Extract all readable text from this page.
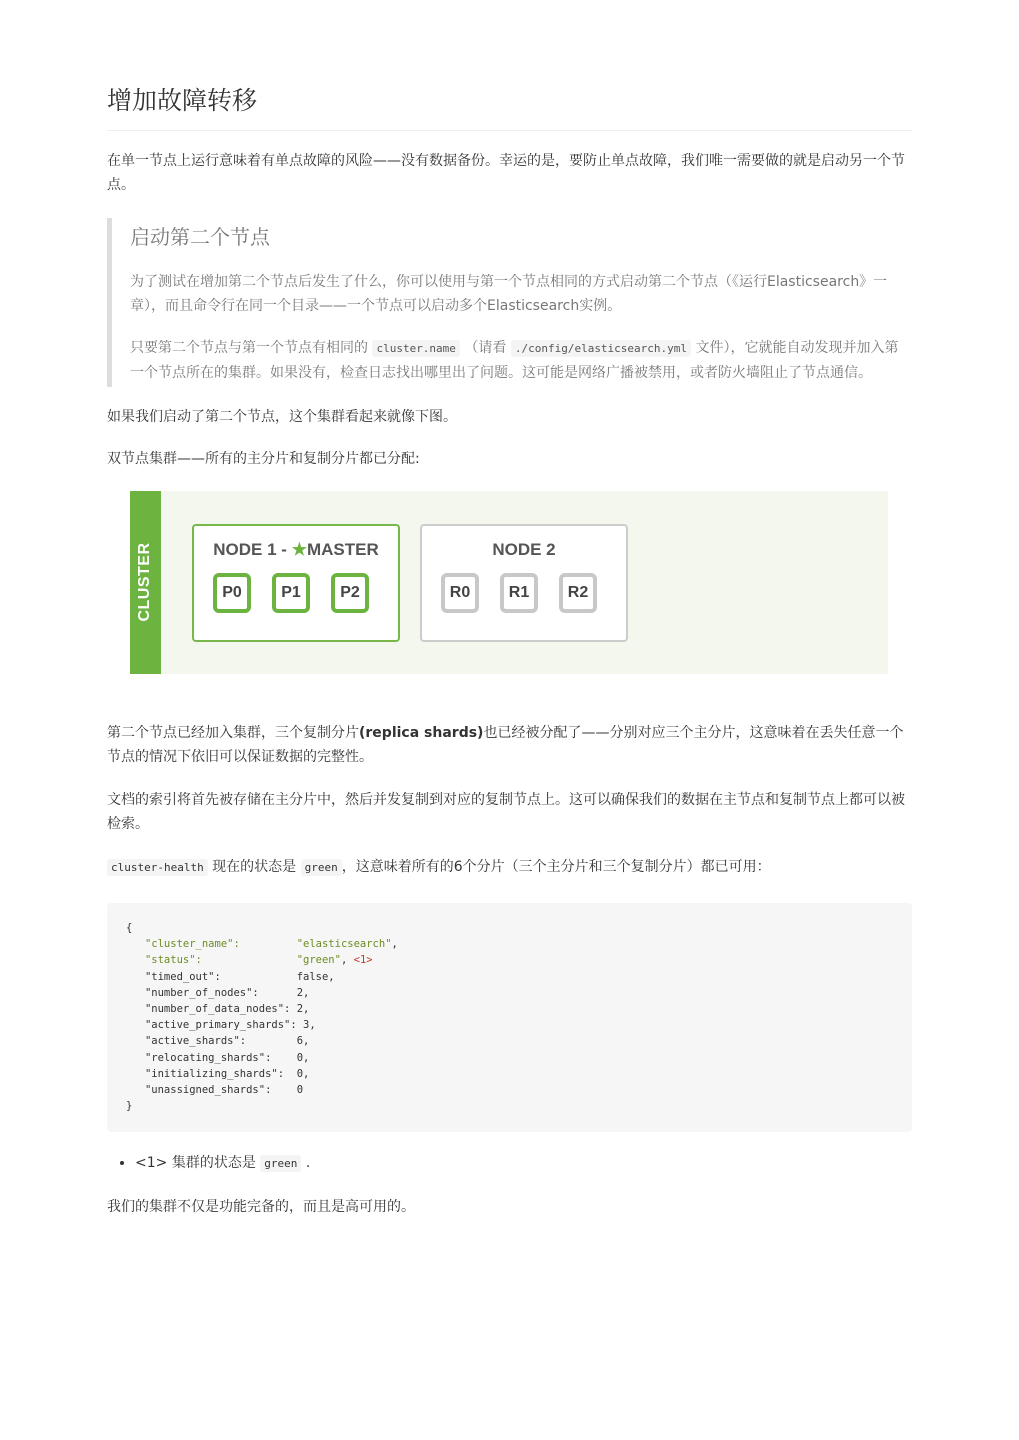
增加故障转移

在单一节点上运行意味着有单点故障的风险——没有数据备份。幸运的是，要防止单点故障，我们唯一需要做的就是启动另一个节点。

启动第二个节点

为了测试在增加第二个节点后发生了什么，你可以使用与第一个节点相同的方式启动第二个节点（《运行Elasticsearch》一章），而且命令行在同一个目录——一个节点可以启动多个Elasticsearch实例。

只要第二个节点与第一个节点有相同的 cluster.name （请看 ./config/elasticsearch.yml 文件），它就能自动发现并加入第一个节点所在的集群。如果没有，检查日志找出哪里出了问题。这可能是网络广播被禁用，或者防火墙阻止了节点通信。

如果我们启动了第二个节点，这个集群看起来就像下图。

双节点集群——所有的主分片和复制分片都已分配:

CLUSTER	NODE 1 - ★MASTER
P0	P1	P2
NODE 2
R0	R1	R2

第二个节点已经加入集群，三个复制分片(replica shards)也已经被分配了——分别对应三个主分片，这意味着在丢失任意一个节点的情况下依旧可以保证数据的完整性。

文档的索引将首先被存储在主分片中，然后并发复制到对应的复制节点上。这可以确保我们的数据在主节点和复制节点上都可以被检索。

cluster-health 现在的状态是 green ，这意味着所有的6个分片（三个主分片和三个复制分片）都已可用：

{
"cluster_name":	"elasticsearch",
"status":	"green", <1>
"timed_out":	false,
"number_of_nodes":	2,
"number_of_data_nodes": 2,
"active_primary_shards": 3,
"active_shards":	6,
"relocating_shards": 0,
"initializing_shards": 0,
"unassigned_shards": 0
}
• <1> 集群的状态是 green .

我们的集群不仅是功能完备的，而且是高可用的。
